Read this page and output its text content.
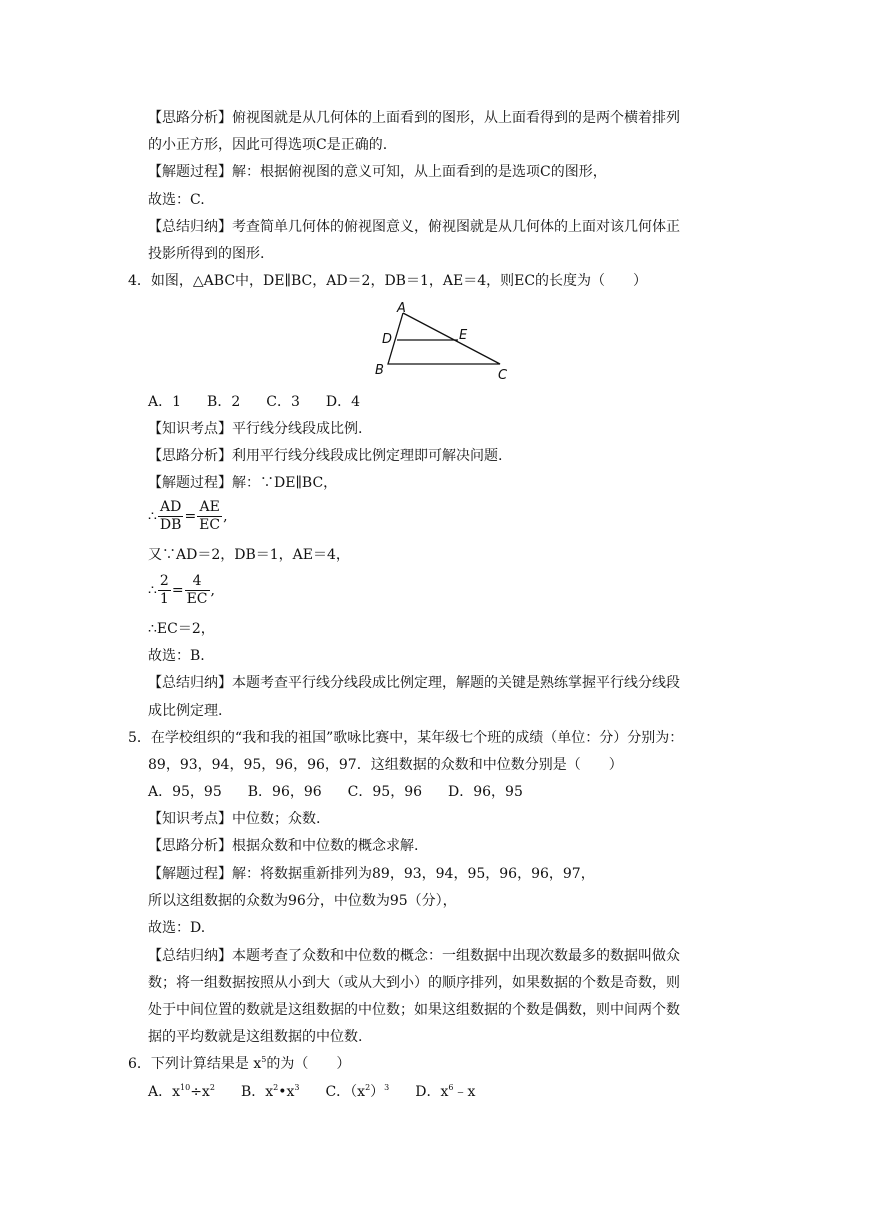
【思路分析】俯视图就是从几何体的上面看到的图形，从上面看得到的是两个横着排列
的小正方形，因此可得选项C是正确的.
【解题过程】解：根据俯视图的意义可知，从上面看到的是选项C的图形，
故选：C.
【总结归纳】考查简单几何体的俯视图意义，俯视图就是从几何体的上面对该几何体正
投影所得到的图形.
4．如图，△ABC中，DE∥BC，AD＝2，DB＝1，AE＝4，则EC的长度为（　　）
A
D	E
B	C
A．1 B．2 C．3 D．4
【知识考点】平行线分线段成比例.
【思路分析】利用平行线分线段成比例定理即可解决问题.
【解题过程】解：∵DE∥BC，
∴ $\frac{AD}{DB} = \frac{AE}{EC}$ ,
又∵AD＝2，DB＝1，AE＝4，
∴ $\frac{2}{1} = \frac{4}{EC}$ ,
∴EC＝2，
故选：B.
【总结归纳】本题考查平行线分线段成比例定理，解题的关键是熟练掌握平行线分线段
成比例定理.
5．在学校组织的“我和我的祖国”歌咏比赛中，某年级七个班的成绩（单位：分）分别为：
89，93，94，95，96，96，97．这组数据的众数和中位数分别是（　　）
A．95，95 B．96，96 C．95，96 D．96，95
【知识考点】中位数；众数.
【思路分析】根据众数和中位数的概念求解.
【解题过程】解：将数据重新排列为89，93，94，95，96，96，97，
所以这组数据的众数为96分，中位数为95（分），
故选：D.
【总结归纳】本题考查了众数和中位数的概念：一组数据中出现次数最多的数据叫做众
数；将一组数据按照从小到大（或从大到小）的顺序排列，如果数据的个数是奇数，则
处于中间位置的数就是这组数据的中位数；如果这组数据的个数是偶数，则中间两个数
据的平均数就是这组数据的中位数.
6．下列计算结果是 $x^5$的为（　　）
A．$x^{10}\div x^2$ B．$x^2•x^3$ C．$(x^2)^3$ D．$x^6﹣x$
